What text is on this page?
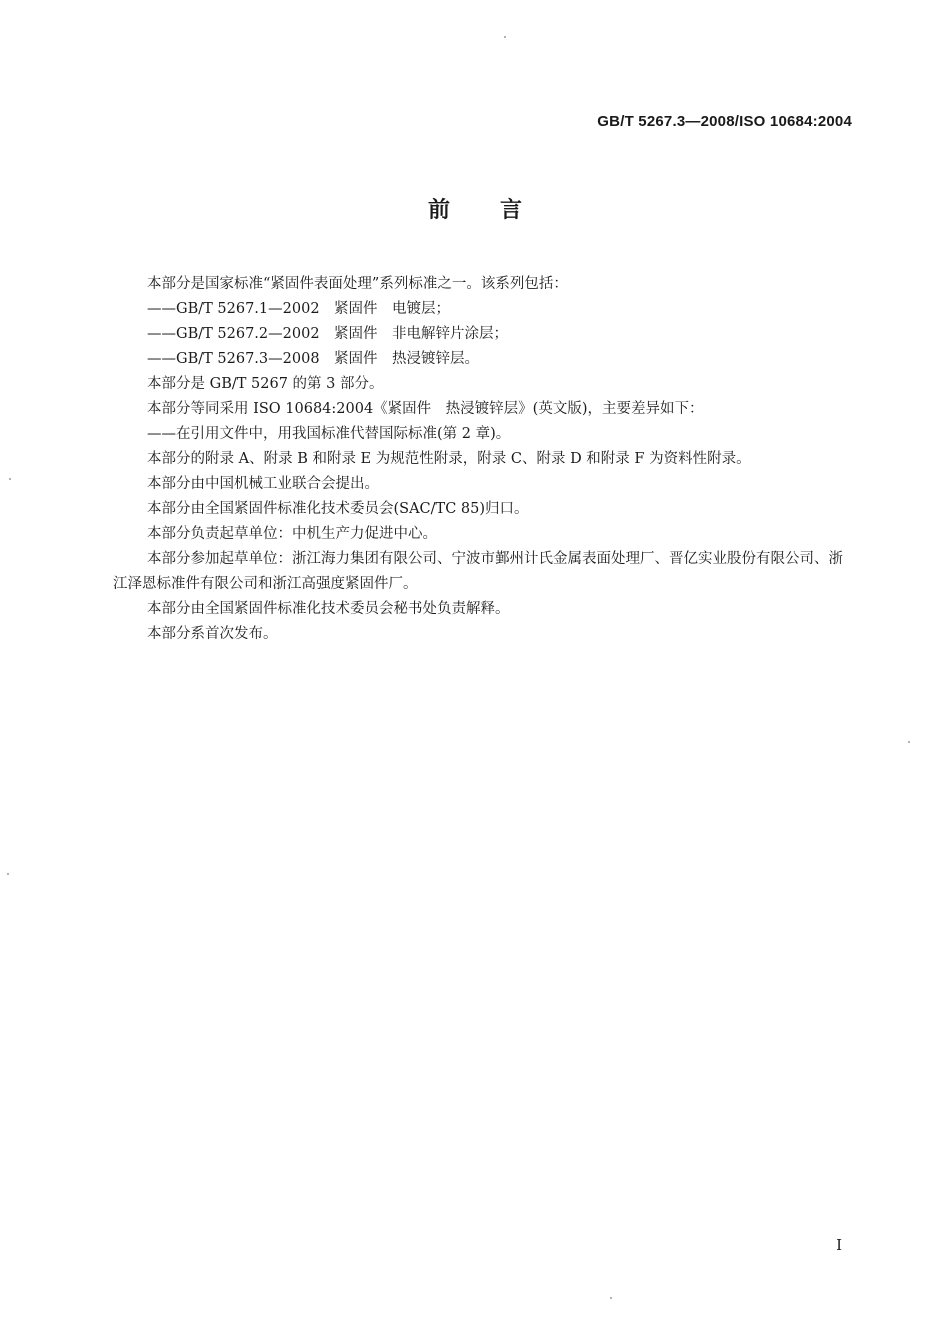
GB/T 5267.3—2008/ISO 10684:2004
前言

本部分是国家标准“紧固件表面处理”系列标准之一。该系列包括：

——GB/T 5267.1—2002　紧固件　电镀层；

——GB/T 5267.2—2002　紧固件　非电解锌片涂层；

——GB/T 5267.3—2008　紧固件　热浸镀锌层。

本部分是 GB/T 5267 的第 3 部分。

本部分等同采用 ISO 10684:2004《紧固件　热浸镀锌层》(英文版)，主要差异如下：

——在引用文件中，用我国标准代替国际标准(第 2 章)。

本部分的附录 A、附录 B 和附录 E 为规范性附录，附录 C、附录 D 和附录 F 为资料性附录。

本部分由中国机械工业联合会提出。

本部分由全国紧固件标准化技术委员会(SAC/TC 85)归口。

本部分负责起草单位：中机生产力促进中心。

本部分参加起草单位：浙江海力集团有限公司、宁波市鄞州计氏金属表面处理厂、晋亿实业股份有限公司、浙江泽恩标准件有限公司和浙江高强度紧固件厂。

本部分由全国紧固件标准化技术委员会秘书处负责解释。

本部分系首次发布。

I
